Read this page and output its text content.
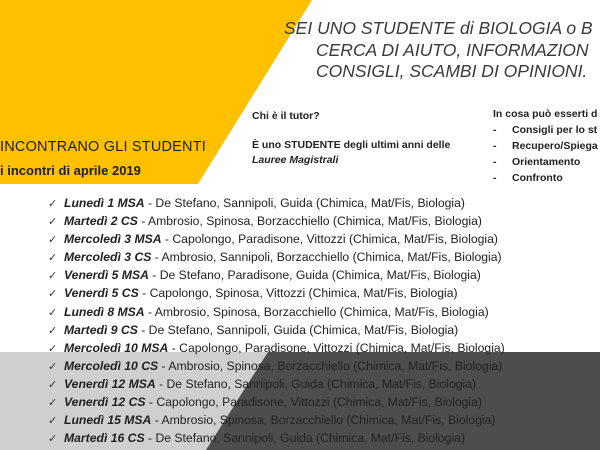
SEI UNO STUDENTE di BIOLOGIA o B
CERCA DI AIUTO, INFORMAZION
CONSIGLI, SCAMBI DI OPINIONI.
Chi è il tutor?
È uno STUDENTE degli ultimi anni delle Lauree Magistrali
In cosa può esserti d
- Consigli per lo st
- Recupero/Spiega
- Orientamento
- Confronto
INCONTRANO GLI STUDENTI
i incontri di aprile 2019
✓ Lunedì 1 MSA - De Stefano, Sannipoli, Guida (Chimica, Mat/Fis, Biologia)
✓ Martedì 2 CS - Ambrosio, Spinosa, Borzacchiello (Chimica, Mat/Fis, Biologia)
✓ Mercoledì 3 MSA - Capolongo, Paradisone, Vittozzi (Chimica, Mat/Fis, Biologia)
✓ Mercoledì 3 CS - Ambrosio, Sannipoli, Borzacchiello (Chimica, Mat/Fis, Biologia)
✓ Venerdì 5 MSA - De Stefano, Paradisone, Guida (Chimica, Mat/Fis, Biologia)
✓ Venerdì 5 CS - Capolongo, Spinosa, Vittozzi (Chimica, Mat/Fis, Biologia)
✓ Lunedì 8 MSA - Ambrosio, Spinosa, Borzacchiello (Chimica, Mat/Fis, Biologia)
✓ Martedì 9 CS - De Stefano, Sannipoli, Guida (Chimica, Mat/Fis, Biologia)
✓ Mercoledì 10 MSA - Capolongo, Paradisone, Vittozzi (Chimica, Mat/Fis, Biologia)
✓ Mercoledì 10 CS - Ambrosio, Spinosa, Borzacchiello (Chimica, Mat/Fis, Biologia)
✓ Venerdì 12 MSA - De Stefano, Sannipoli, Guida (Chimica, Mat/Fis, Biologia)
✓ Venerdì 12 CS - Capolongo, Paradisone, Vittozzi (Chimica, Mat/Fis, Biologia)
✓ Lunedì 15 MSA - Ambrosio, Spinosa, Borzacchiello (Chimica, Mat/Fis, Biologia)
✓ Martedì 16 CS - De Stefano, Sannipoli, Guida (Chimica, Mat/Fis, Biologia)
